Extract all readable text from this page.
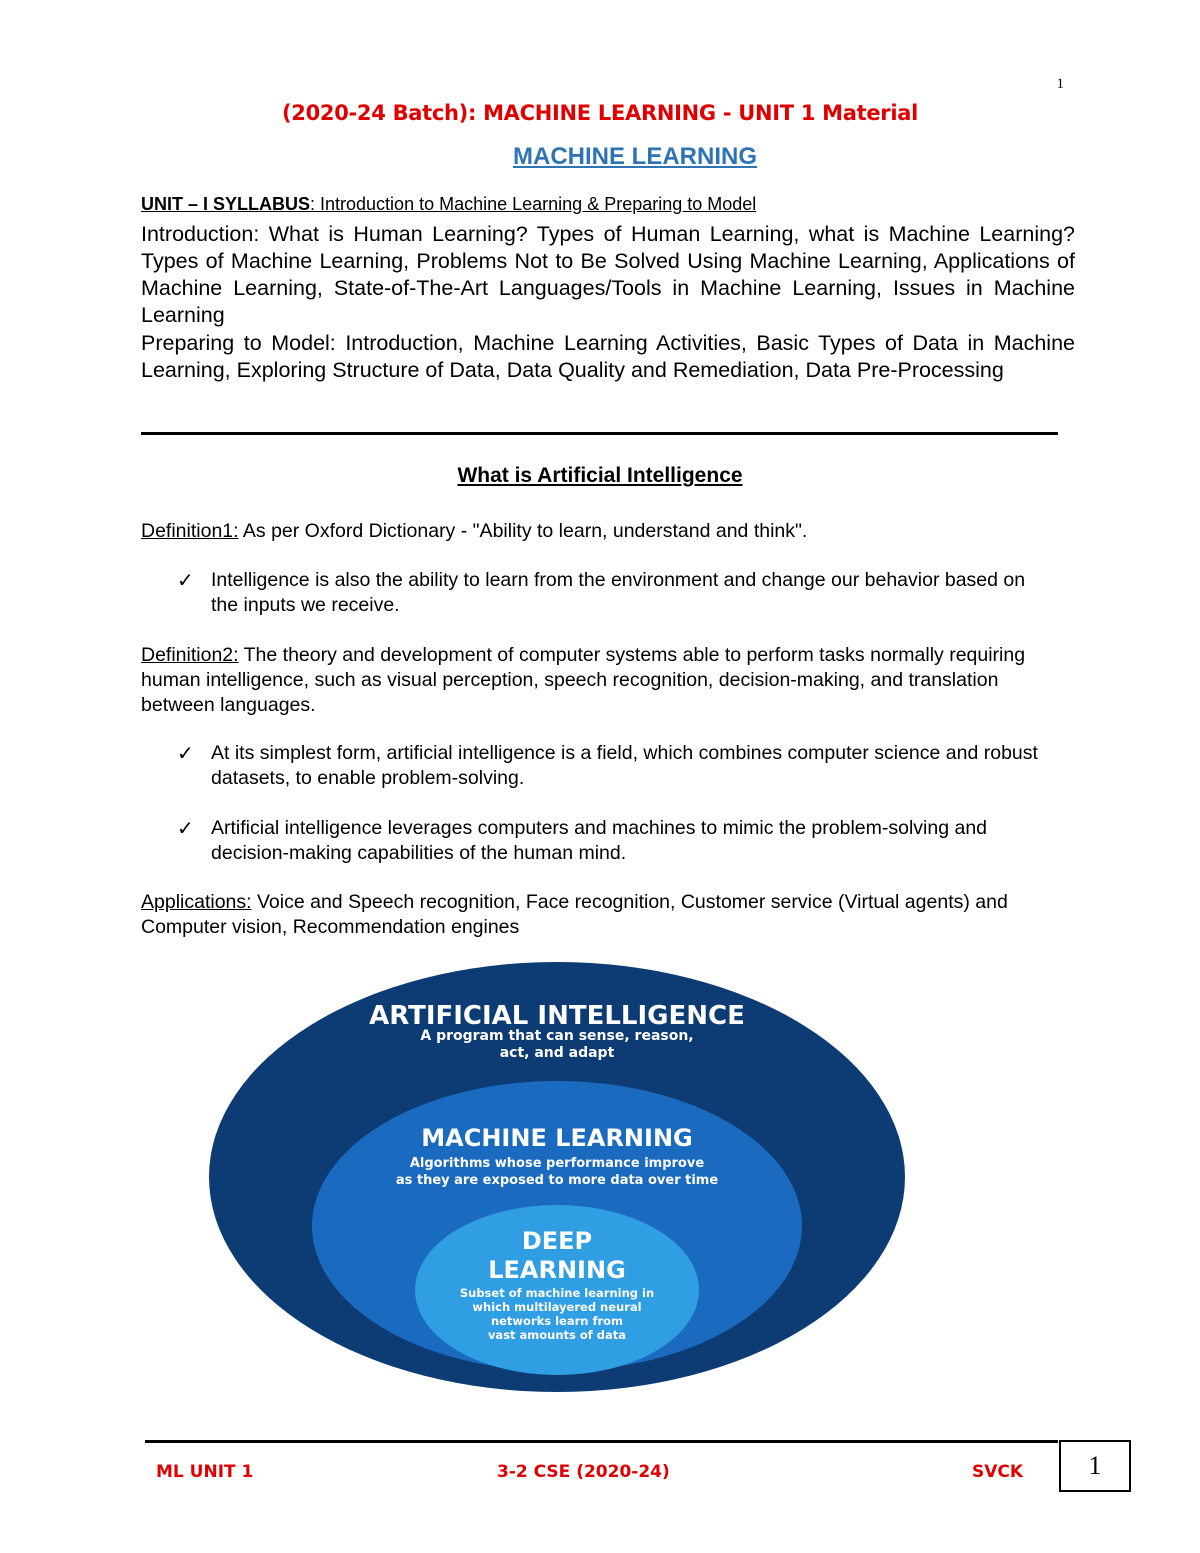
1
(2020-24 Batch): MACHINE LEARNING - UNIT 1 Material
MACHINE LEARNING
UNIT – I SYLLABUS: Introduction to Machine Learning & Preparing to Model
Introduction: What is Human Learning? Types of Human Learning, what is Machine Learning? Types of Machine Learning, Problems Not to Be Solved Using Machine Learning, Applications of Machine Learning, State-of-The-Art Languages/Tools in Machine Learning, Issues in Machine Learning
Preparing to Model: Introduction, Machine Learning Activities, Basic Types of Data in Machine Learning, Exploring Structure of Data, Data Quality and Remediation, Data Pre-Processing
What is Artificial Intelligence
Definition1: As per Oxford Dictionary - "Ability to learn, understand and think".
✓ Intelligence is also the ability to learn from the environment and change our behavior based on the inputs we receive.
Definition2: The theory and development of computer systems able to perform tasks normally requiring human intelligence, such as visual perception, speech recognition, decision-making, and translation between languages.
✓ At its simplest form, artificial intelligence is a field, which combines computer science and robust datasets, to enable problem-solving.
✓ Artificial intelligence leverages computers and machines to mimic the problem-solving and decision-making capabilities of the human mind.
Applications: Voice and Speech recognition, Face recognition, Customer service (Virtual agents) and Computer vision, Recommendation engines
ARTIFICIAL INTELLIGENCE
A program that can sense, reason,
act, and adapt
MACHINE LEARNING
Algorithms whose performance improve
as they are exposed to more data over time
DEEP
LEARNING
Subset of machine learning in
which multilayered neural
networks learn from
vast amounts of data
ML UNIT 1	3-2 CSE (2020-24)	SVCK	1
